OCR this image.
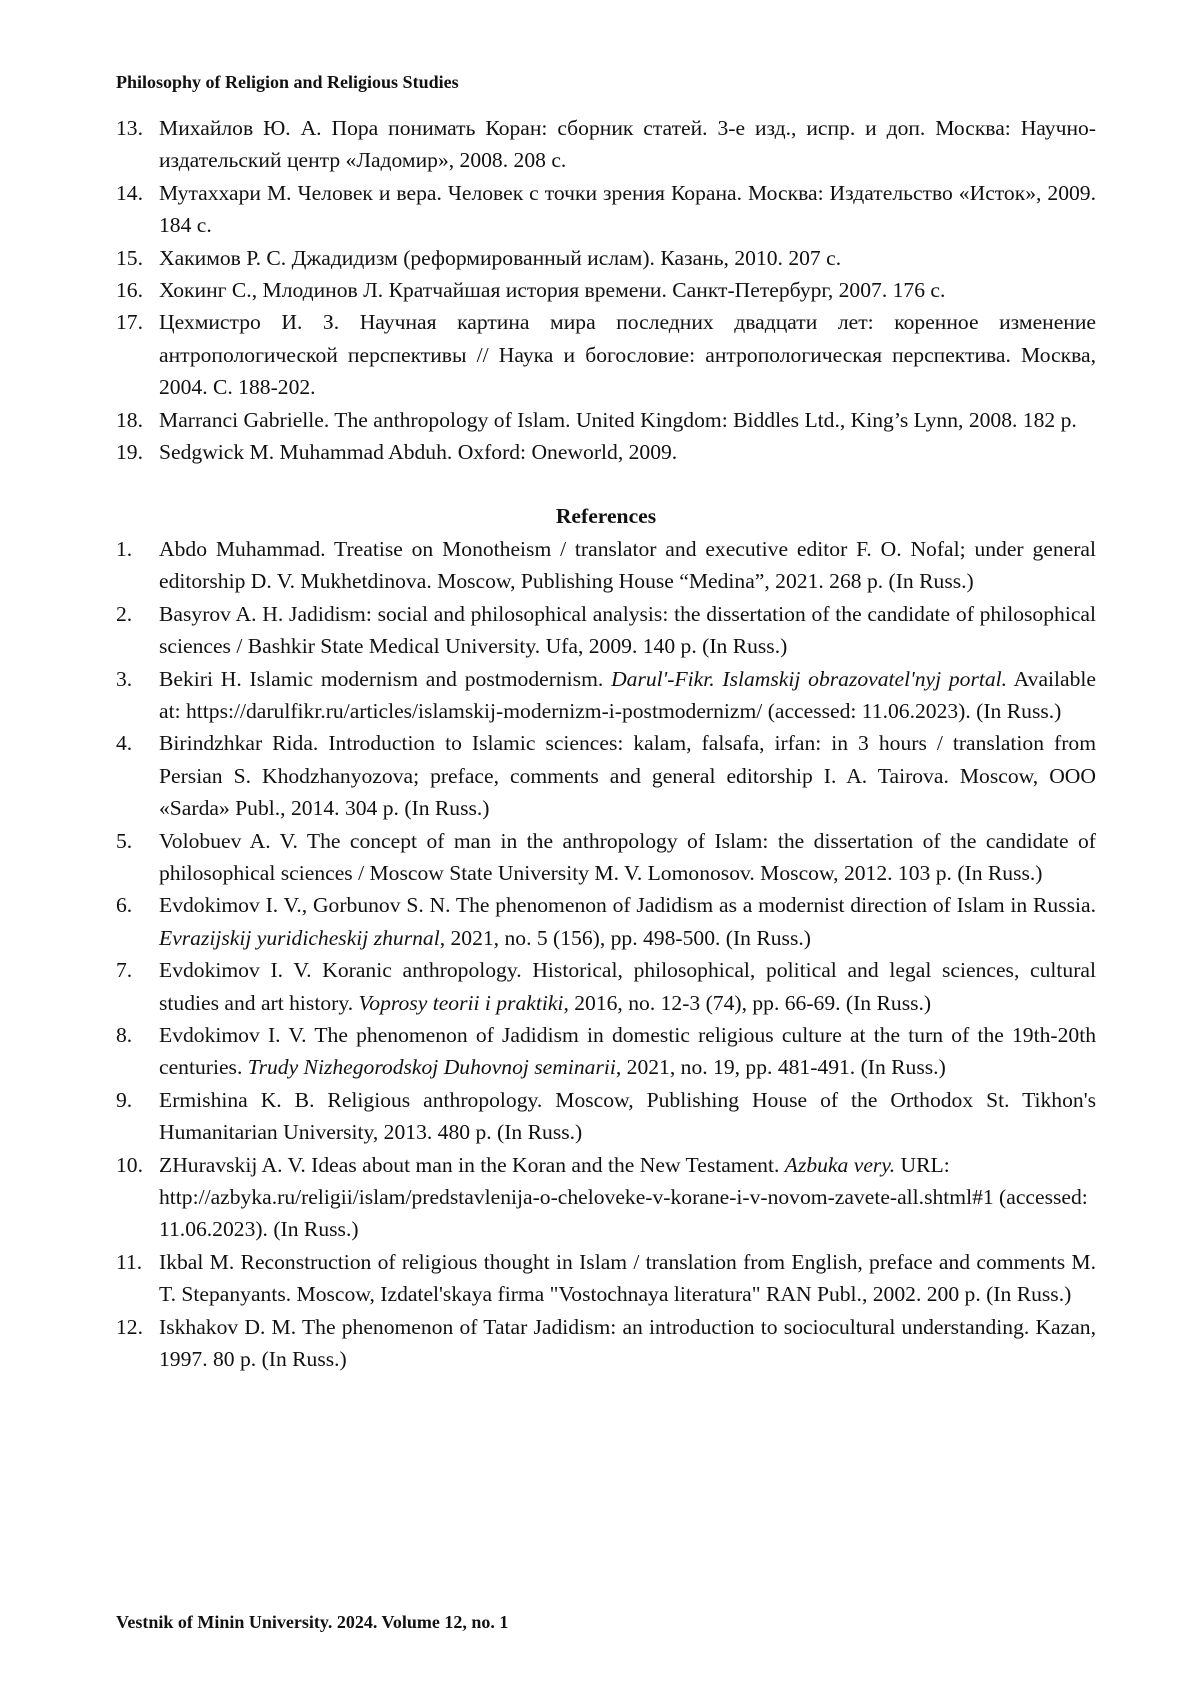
Philosophy of Religion and Religious Studies
13. Михайлов Ю. А. Пора понимать Коран: сборник статей. 3-е изд., испр. и доп. Москва: Научно-издательский центр «Ладомир», 2008. 208 с.
14. Мутаххари М. Человек и вера. Человек с точки зрения Корана. Москва: Издательство «Исток», 2009. 184 с.
15. Хакимов Р. С. Джадидизм (реформированный ислам). Казань, 2010. 207 с.
16. Хокинг С., Млодинов Л. Кратчайшая история времени. Санкт-Петербург, 2007. 176 с.
17. Цехмистро И. З. Научная картина мира последних двадцати лет: коренное изменение антропологической перспективы // Наука и богословие: антропологическая перспектива. Москва, 2004. С. 188-202.
18. Marranci Gabrielle. The anthropology of Islam. United Kingdom: Biddles Ltd., King’s Lynn, 2008. 182 p.
19. Sedgwick M. Muhammad Abduh. Oxford: Oneworld, 2009.
References
1. Abdo Muhammad. Treatise on Monotheism / translator and executive editor F. O. Nofal; under general editorship D. V. Mukhetdinova. Moscow, Publishing House “Medina”, 2021. 268 p. (In Russ.)
2. Basyrov A. H. Jadidism: social and philosophical analysis: the dissertation of the candidate of philosophical sciences / Bashkir State Medical University. Ufa, 2009. 140 p. (In Russ.)
3. Bekiri H. Islamic modernism and postmodernism. Darul'-Fikr. Islamskij obrazovatel'nyj portal. Available at: https://darulfikr.ru/articles/islamskij-modernizm-i-postmodernizm/ (accessed: 11.06.2023). (In Russ.)
4. Birindzhkar Rida. Introduction to Islamic sciences: kalam, falsafa, irfan: in 3 hours / translation from Persian S. Khodzhanyozova; preface, comments and general editorship I. A. Tairova. Moscow, OOO «Sarda» Publ., 2014. 304 p. (In Russ.)
5. Volobuev A. V. The concept of man in the anthropology of Islam: the dissertation of the candidate of philosophical sciences / Moscow State University M. V. Lomonosov. Moscow, 2012. 103 p. (In Russ.)
6. Evdokimov I. V., Gorbunov S. N. The phenomenon of Jadidism as a modernist direction of Islam in Russia. Evrazijskij yuridicheskij zhurnal, 2021, no. 5 (156), pp. 498-500. (In Russ.)
7. Evdokimov I. V. Koranic anthropology. Historical, philosophical, political and legal sciences, cultural studies and art history. Voprosy teorii i praktiki, 2016, no. 12-3 (74), pp. 66-69. (In Russ.)
8. Evdokimov I. V. The phenomenon of Jadidism in domestic religious culture at the turn of the 19th-20th centuries. Trudy Nizhegorodskoj Duhovnoj seminarii, 2021, no. 19, pp. 481-491. (In Russ.)
9. Ermishina K. B. Religious anthropology. Moscow, Publishing House of the Orthodox St. Tikhon's Humanitarian University, 2013. 480 p. (In Russ.)
10. ZHuravskij A. V. Ideas about man in the Koran and the New Testament. Azbuka very. URL: http://azbyka.ru/religii/islam/predstavlenija-o-cheloveke-v-korane-i-v-novom-zavete-all.shtml#1 (accessed: 11.06.2023). (In Russ.)
11. Ikbal M. Reconstruction of religious thought in Islam / translation from English, preface and comments M. T. Stepanyants. Moscow, Izdatel'skaya firma "Vostochnaya literatura" RAN Publ., 2002. 200 p. (In Russ.)
12. Iskhakov D. M. The phenomenon of Tatar Jadidism: an introduction to sociocultural understanding. Kazan, 1997. 80 p. (In Russ.)
Vestnik of Minin University. 2024. Volume 12, no. 1
